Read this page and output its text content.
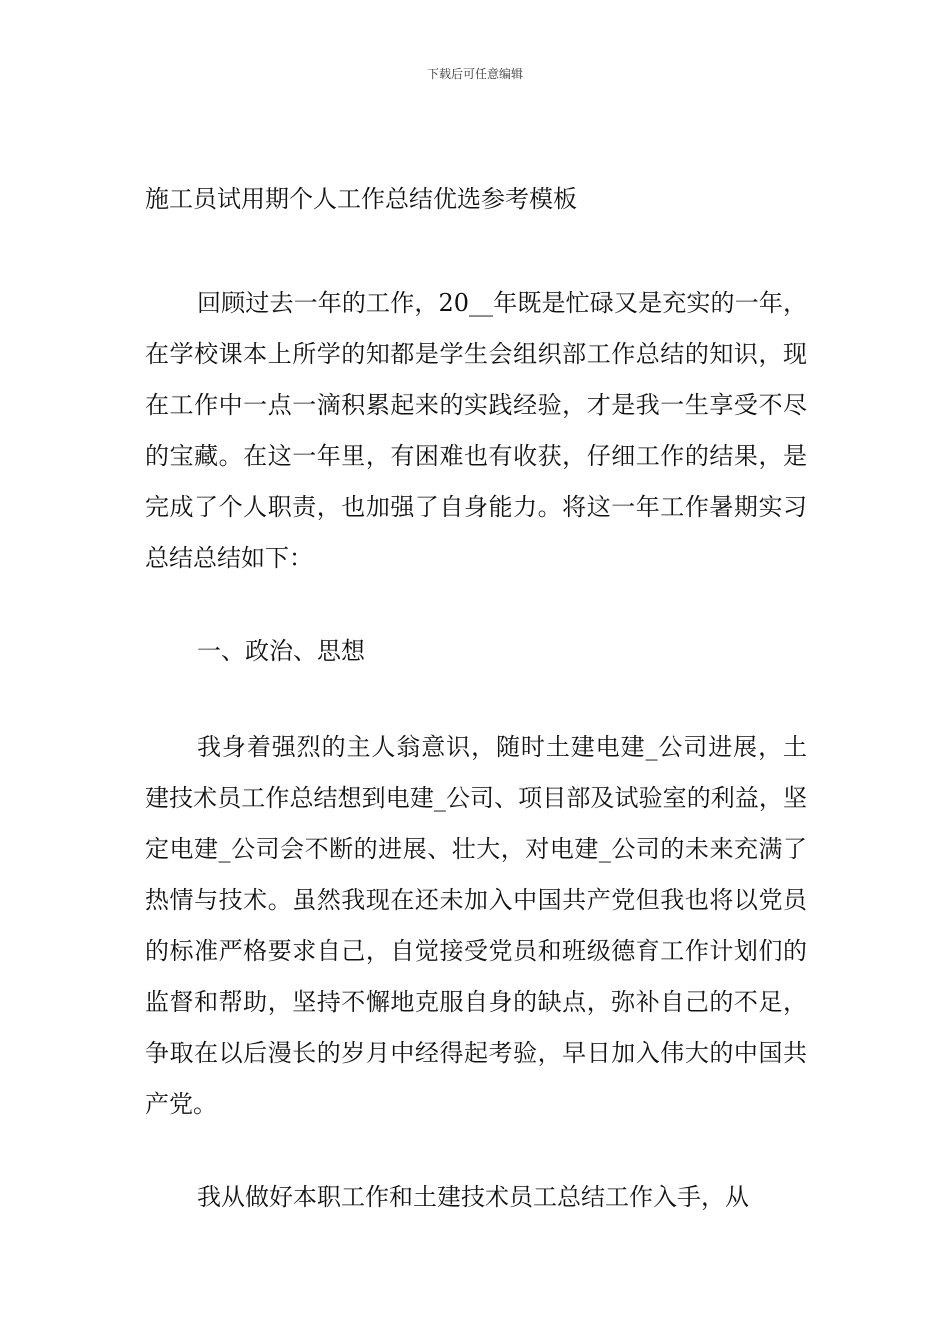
下载后可任意编辑
施工员试用期个人工作总结优选参考模板

回顾过去一年的工作，20__年既是忙碌又是充实的一年，在学校课本上所学的知都是学生会组织部工作总结的知识，现在工作中一点一滴积累起来的实践经验，才是我一生享受不尽的宝藏。在这一年里，有困难也有收获，仔细工作的结果，是完成了个人职责，也加强了自身能力。将这一年工作暑期实习总结总结如下：

一、政治、思想

我身着强烈的主人翁意识，随时土建电建_公司进展，土建技术员工作总结想到电建_公司、项目部及试验室的利益，坚定电建_公司会不断的进展、壮大，对电建_公司的未来充满了热情与技术。虽然我现在还未加入中国共产党但我也将以党员的标准严格要求自己，自觉接受党员和班级德育工作计划们的监督和帮助，坚持不懈地克服自身的缺点，弥补自己的不足，争取在以后漫长的岁月中经得起考验，早日加入伟大的中国共产党。

我从做好本职工作和土建技术员工总结工作入手，从
